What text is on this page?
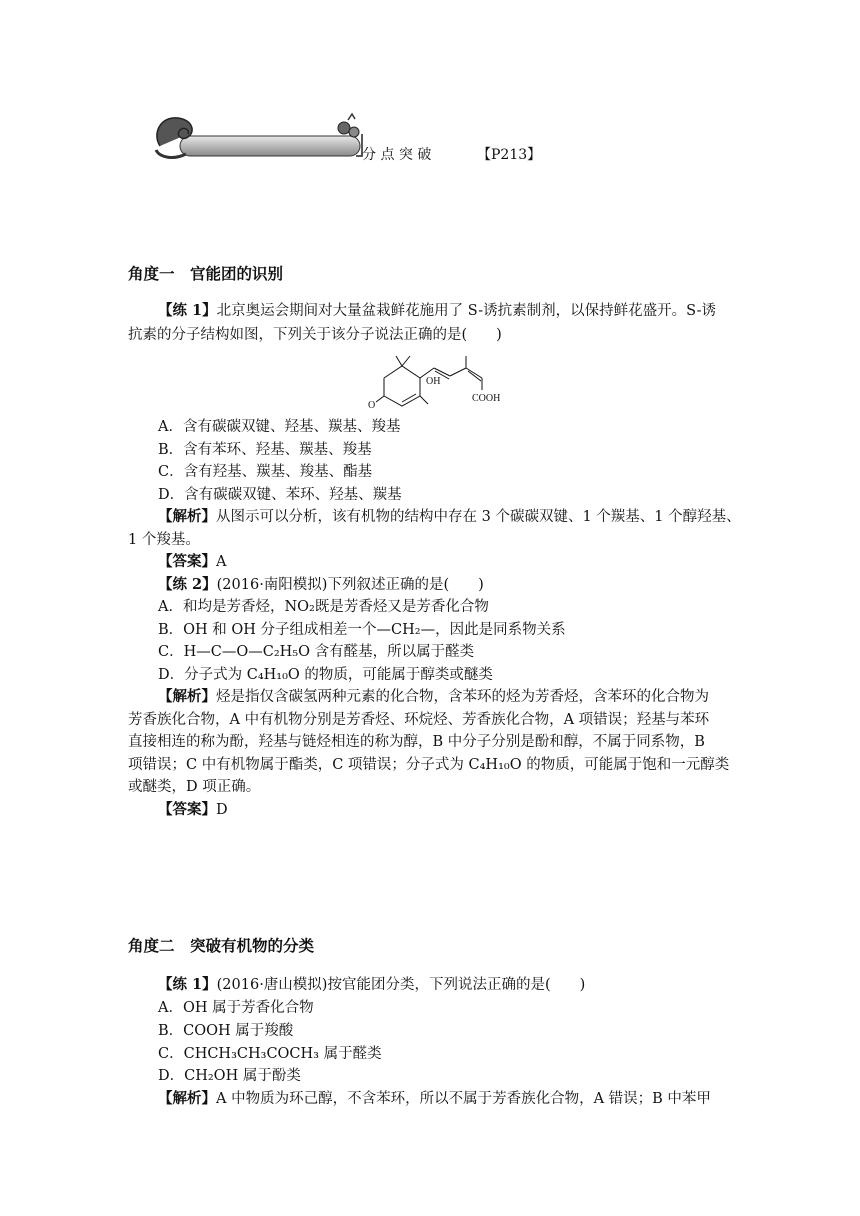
分 点 突 破	【P213】
角度一　官能团的识别
【练 1】北京奥运会期间对大量盆栽鲜花施用了 S-诱抗素制剂，以保持鲜花盛开。S-诱
抗素的分子结构如图，下列关于该分子说法正确的是(　　)
OH
COOH
O
A．含有碳碳双键、羟基、羰基、羧基
B．含有苯环、羟基、羰基、羧基
C．含有羟基、羰基、羧基、酯基
D．含有碳碳双键、苯环、羟基、羰基
【解析】从图示可以分析，该有机物的结构中存在 3 个碳碳双键、1 个羰基、1 个醇羟基、
1 个羧基。
【答案】A
【练 2】(2016·南阳模拟)下列叙述正确的是(　　)
A．和均是芳香烃，NO₂既是芳香烃又是芳香化合物
B．OH 和 OH 分子组成相差一个—CH₂—，因此是同系物关系
C．H—C—O—C₂H₅O 含有醛基，所以属于醛类
D．分子式为 C₄H₁₀O 的物质，可能属于醇类或醚类
【解析】烃是指仅含碳氢两种元素的化合物，含苯环的烃为芳香烃，含苯环的化合物为
芳香族化合物，A 中有机物分别是芳香烃、环烷烃、芳香族化合物，A 项错误；羟基与苯环
直接相连的称为酚，羟基与链烃相连的称为醇，B 中分子分别是酚和醇，不属于同系物，B
项错误；C 中有机物属于酯类，C 项错误；分子式为 C₄H₁₀O 的物质，可能属于饱和一元醇类
或醚类，D 项正确。
【答案】D
角度二　突破有机物的分类
【练 1】(2016·唐山模拟)按官能团分类，下列说法正确的是(　　)
A．OH 属于芳香化合物
B．COOH 属于羧酸
C．CHCH₃CH₃COCH₃ 属于醛类
D．CH₂OH 属于酚类
【解析】A 中物质为环己醇，不含苯环，所以不属于芳香族化合物，A 错误；B 中苯甲
